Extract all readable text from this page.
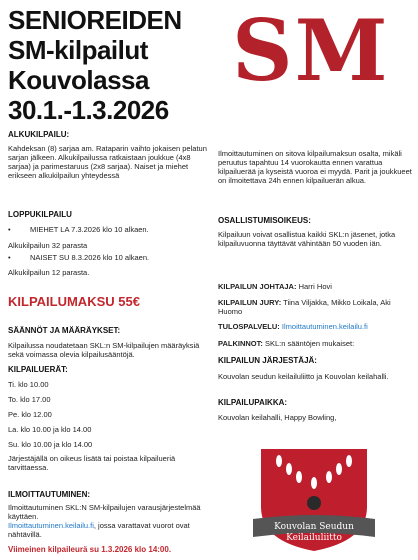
SENIOREIDEN
SM-kilpailut
Kouvolassa
30.1.-1.3.2026
SM
ALKUKILPAILU:
Kahdeksan (8) sarjaa am. Rataparin vaihto jokaisen pelatun sarjan jälkeen. Alkukilpailussa ratkaistaan joukkue (4x8 sarjaa) ja parimestaruus (2x8 sarjaa). Naiset ja miehet erikseen alkukilpailun yhteydessä
LOPPUKILPAILU
•	MIEHET LA 7.3.2026 klo 10 alkaen.
Alkukilpailun 32 parasta
•	NAISET SU 8.3.2026 klo 10 alkaen.
Alkukilpailun 12 parasta.
KILPAILUMAKSU 55€
SÄÄNNÖT JA MÄÄRÄYKSET:
Kilpailussa noudatetaan SKL:n SM-kilpailujen määräyksiä sekä voimassa olevia kilpailusääntöjä.
KILPAILUERÄT:
Ti. klo 10.00
To. klo 17.00
Pe. klo 12.00
La. klo 10.00 ja klo 14.00
Su. klo 10.00 ja klo 14.00
Järjestäjällä on oikeus lisätä tai poistaa kilpailueriä tarvittaessa.
ILMOITTAUTUMINEN:
Ilmoittautuminen SKL:N SM-kilpailujen varausjärjestelmää käyttäen.
Ilmoittautuminen.keilailu.fi, jossa varattavat vuorot ovat nähtävillä.
Viimeinen kilpaileurä su 1.3.2026 klo 14:00.
Ilmoittautuminen on sitova kilpailumaksun osalta, mikäli peruutus tapahtuu 14 vuorokautta ennen varattua kilpailuerää ja kyseistä vuoroa ei myydä. Parit ja joukkueet on ilmoitettava 24h ennen kilpailuerän alkua.
OSALLISTUMISOIKEUS:
Kilpailuun voivat osallistua kaikki SKL:n jäsenet, jotka kilpailuvuonna täyttävät vähintään 50 vuoden iän.
KILPAILUN JOHTAJA: Harri Hovi
KILPAILUN JURY: Tiina Viljakka, Mikko Loikala, Aki Huomo
TULOSPALVELU: Ilmoittautuminen.keilailu.fi
PALKINNOT: SKL:n sääntöjen mukaiset:
KILPAILUN JÄRJESTÄJÄ:
Kouvolan seudun keilailuliitto ja Kouvolan keilahalli.
KILPAILUPAIKKA:
Kouvolan keilahalli, Happy Bowling,
Kouvolan Seudun
Keilailuliitto
